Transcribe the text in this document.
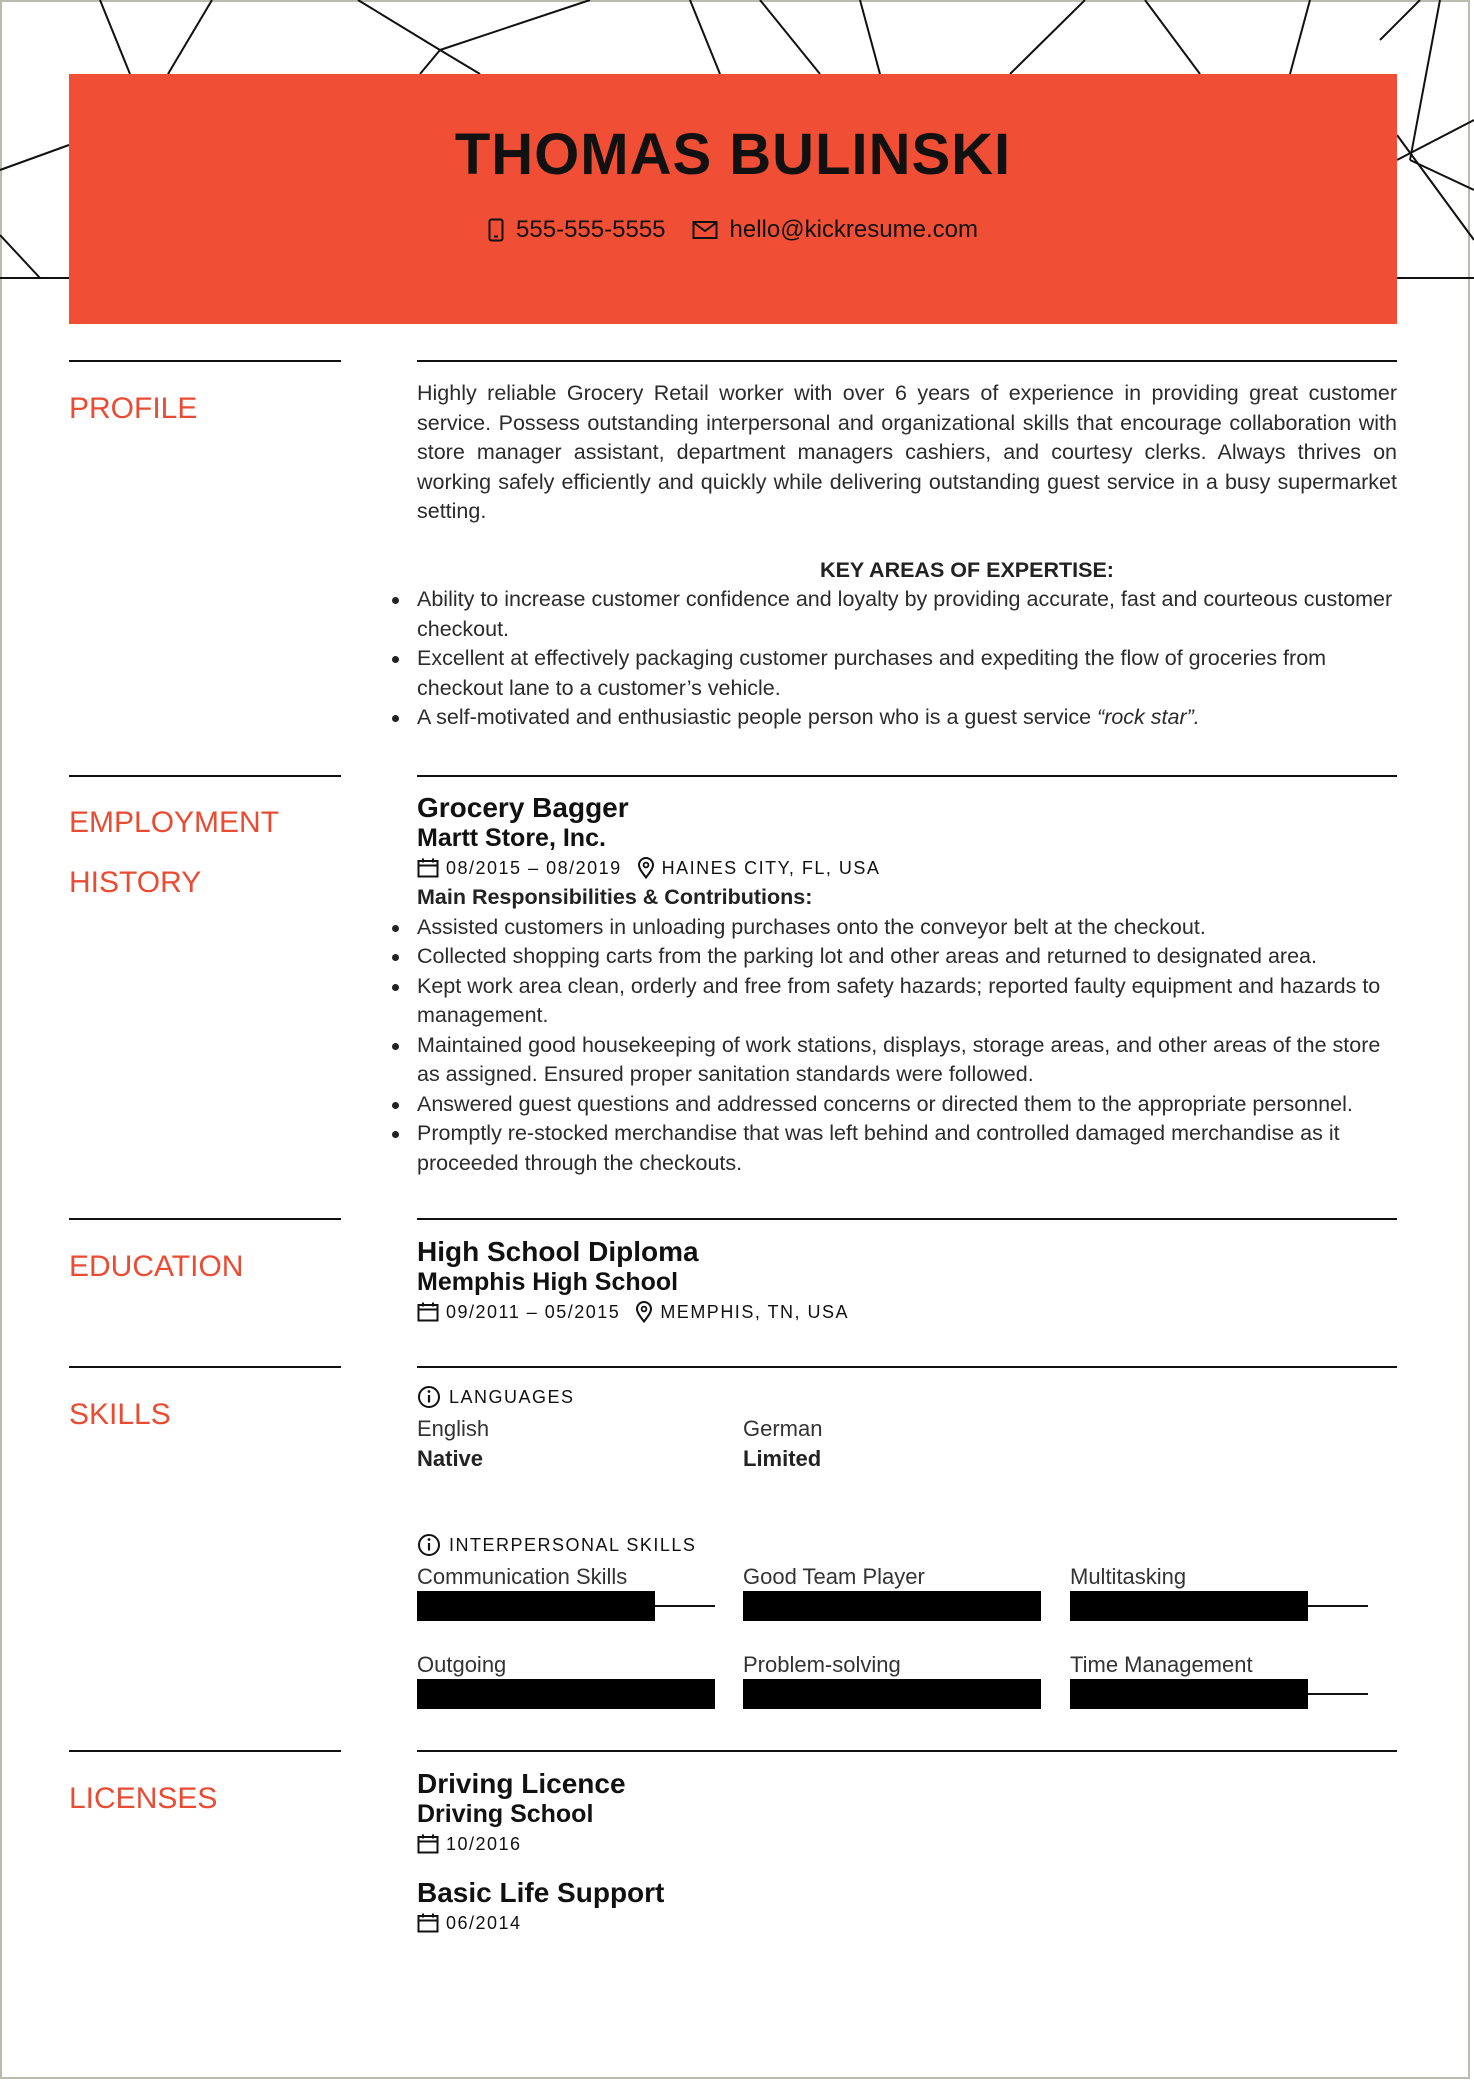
THOMAS BULINSKI
555-555-5555	hello@kickresume.com
PROFILE	Highly reliable Grocery Retail worker with over 6 years of experience in providing great customer service. Possess outstanding interpersonal and organizational skills that encourage collaboration with store manager assistant, department managers cashiers, and courtesy clerks. Always thrives on working safely efficiently and quickly while delivering outstanding guest service in a busy supermarket setting.
KEY AREAS OF EXPERTISE:
Ability to increase customer confidence and loyalty by providing accurate, fast and courteous customer checkout.
Excellent at effectively packaging customer purchases and expediting the flow of groceries from checkout lane to a customer’s vehicle.
A self-motivated and enthusiastic people person who is a guest service “rock star”.
EMPLOYMENT
HISTORY
Grocery Bagger
Martt Store, Inc.
08/2015 – 08/2019 HAINES CITY, FL, USA
Main Responsibilities & Contributions:
Assisted customers in unloading purchases onto the conveyor belt at the checkout.
Collected shopping carts from the parking lot and other areas and returned to designated area.
Kept work area clean, orderly and free from safety hazards; reported faulty equipment and hazards to management.
Maintained good housekeeping of work stations, displays, storage areas, and other areas of the store as assigned. Ensured proper sanitation standards were followed.
Answered guest questions and addressed concerns or directed them to the appropriate personnel.
Promptly re-stocked merchandise that was left behind and controlled damaged merchandise as it proceeded through the checkouts.
EDUCATION	High School Diploma
Memphis High School
09/2011 – 05/2015 MEMPHIS, TN, USA
SKILLS
LANGUAGES
English
Native
German
Limited
INTERPERSONAL SKILLS
Communication Skills	Good Team Player	Multitasking
Outgoing	Problem-solving	Time Management
LICENSES	Driving Licence
Driving School
10/2016
Basic Life Support
06/2014
